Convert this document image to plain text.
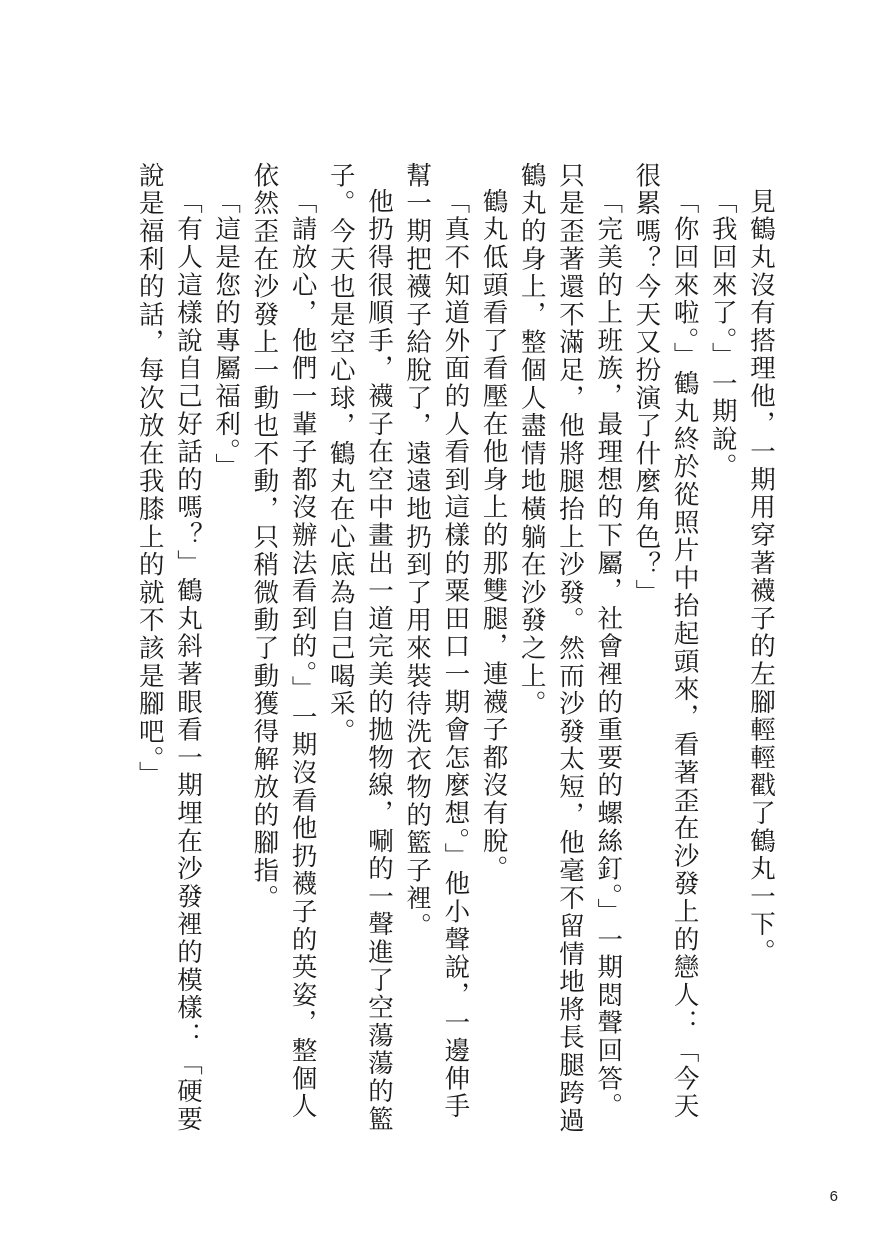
見鶴丸沒有搭理他，一期用穿著襪子的左腳輕輕戳了鶴丸一下。

「我回來了。」一期說。

「你回來啦。」鶴丸終於從照片中抬起頭來，看著歪在沙發上的戀人：「今天很累嗎？今天又扮演了什麼角色？」

「完美的上班族，最理想的下屬，社會裡的重要的螺絲釘。」一期悶聲回答。只是歪著還不滿足，他將腿抬上沙發。然而沙發太短，他毫不留情地將長腿跨過鶴丸的身上，整個人盡情地橫躺在沙發之上。

鶴丸低頭看了看壓在他身上的那雙腿，連襪子都沒有脫。

「真不知道外面的人看到這樣的粟田口一期會怎麼想。」他小聲說，一邊伸手幫一期把襪子給脫了，遠遠地扔到了用來裝待洗衣物的籃子裡。

他扔得很順手，襪子在空中畫出一道完美的拋物線，唰的一聲進了空蕩蕩的籃子。今天也是空心球，鶴丸在心底為自己喝采。

「請放心，他們一輩子都沒辦法看到的。」一期沒看他扔襪子的英姿，整個人依然歪在沙發上一動也不動，只稍微動了動獲得解放的腳指。

「這是您的專屬福利。」

「有人這樣說自己好話的嗎？」鶴丸斜著眼看一期埋在沙發裡的模樣：「硬要說是福利的話，每次放在我膝上的就不該是腳吧。」

6
